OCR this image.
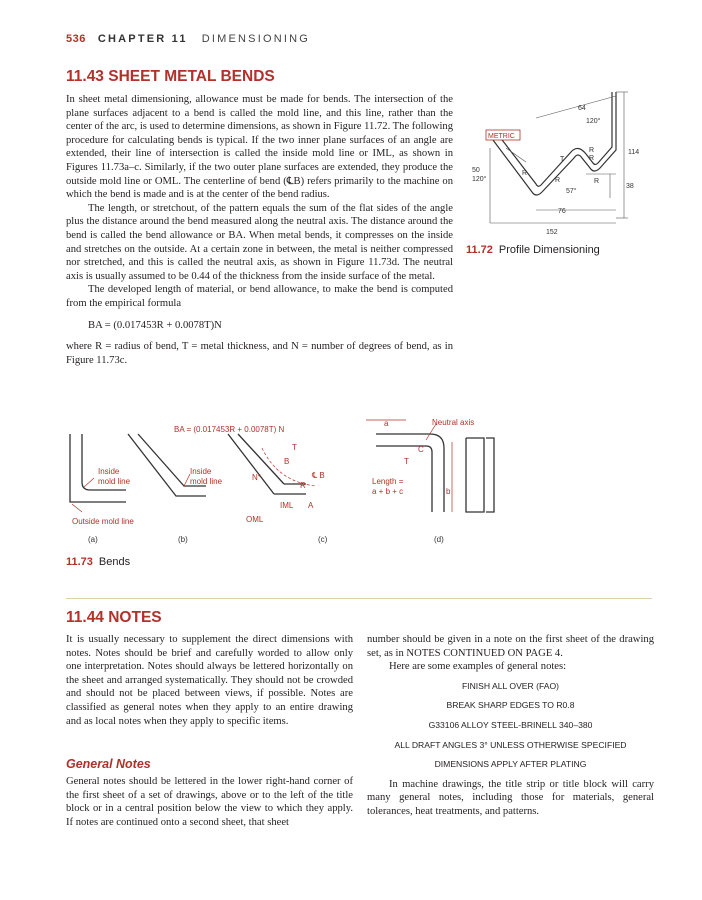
536 CHAPTER 11 DIMENSIONING
11.43 SHEET METAL BENDS

In sheet metal dimensioning, allowance must be made for bends. The intersection of the plane surfaces adjacent to a bend is called the mold line, and this line, rather than the center of the arc, is used to determine dimensions, as shown in Figure 11.72. The following procedure for calculating bends is typical. If the two inner plane surfaces of an angle are extended, their line of intersection is called the inside mold line or IML, as shown in Figures 11.73a–c. Similarly, if the two outer plane surfaces are extended, they produce the outside mold line or OML. The centerline of bend (℄B) refers primarily to the machine on which the bend is made and is at the center of the bend radius.

The length, or stretchout, of the pattern equals the sum of the flat sides of the angle plus the distance around the bend measured along the neutral axis. The distance around the bend is called the bend allowance or BA. When metal bends, it compresses on the inside and stretches on the outside. At a certain zone in between, the metal is neither compressed nor stretched, and this is called the neutral axis, as shown in Figure 11.73d. The neutral axis is usually assumed to be 0.44 of the thickness from the inside surface of the metal.

The developed length of material, or bend allowance, to make the bend is computed from the empirical formula

BA = (0.017453R + 0.0078T)N

where R = radius of bend, T = metal thickness, and N = number of degrees of bend, as in Figure 11.73c.

64
120°
METRIC
R
R
T
114
50
120°
R
R	R
57°
38
76
152
11.72 Profile Dimensioning
Inside
mold line
Outside mold line
Inside
mold line
BA = (0.017453R + 0.0078T) N
N°
T
B
℄ B
R
IML A
OML
a	Neutral axis
C
T
Length =
a + b + c	b
(a)	(b)	(c)	(d)
11.73 Bends
11.44 NOTES

It is usually necessary to supplement the direct dimensions with notes. Notes should be brief and carefully worded to allow only one interpretation. Notes should always be lettered horizontally on the sheet and arranged systematically. They should not be crowded and should not be placed between views, if possible. Notes are classified as general notes when they apply to an entire drawing and as local notes when they apply to specific items.

General Notes

General notes should be lettered in the lower right-hand corner of the first sheet of a set of drawings, above or to the left of the title block or in a central position below the view to which they apply. If notes are continued onto a second sheet, that sheet

number should be given in a note on the first sheet of the drawing set, as in NOTES CONTINUED ON PAGE 4.

Here are some examples of general notes:

FINISH ALL OVER (FAO)

BREAK SHARP EDGES TO R0.8

G33106 ALLOY STEEL-BRINELL 340–380

ALL DRAFT ANGLES 3° UNLESS OTHERWISE SPECIFIED

DIMENSIONS APPLY AFTER PLATING

In machine drawings, the title strip or title block will carry many general notes, including those for materials, general tolerances, heat treatments, and patterns.
